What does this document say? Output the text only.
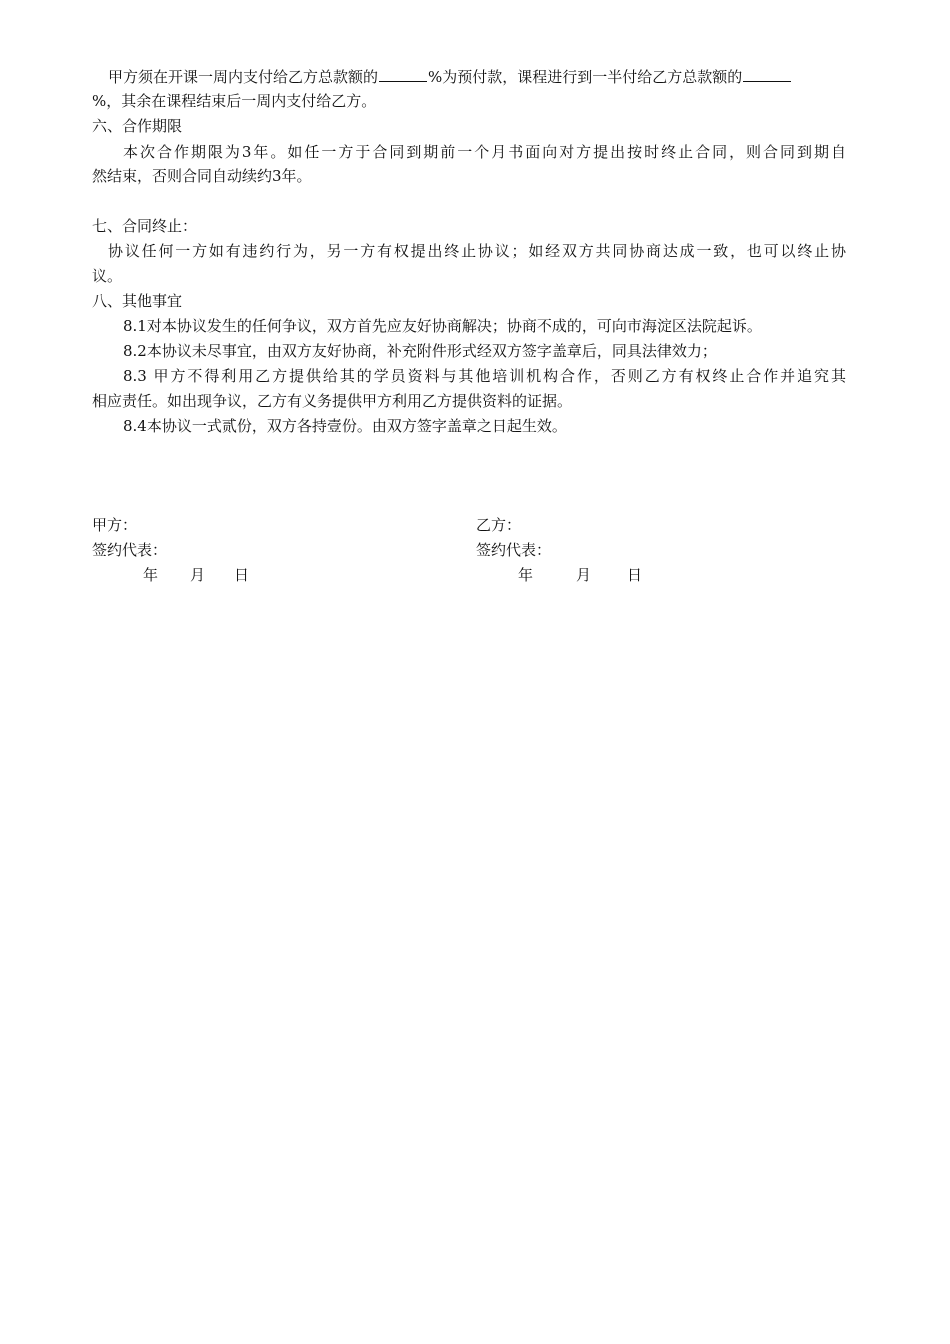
甲方须在开课一周内支付给乙方总款额的	%为预付款，课程进行到一半付给乙方总款额的
%，其余在课程结束后一周内支付给乙方。
六、合作期限
本次合作期限为3年。如任一方于合同到期前一个月书面向对方提出按时终止合同，则合同到期自
然结束，否则合同自动续约3年。
七、合同终止：
协议任何一方如有违约行为，另一方有权提出终止协议；如经双方共同协商达成一致，也可以终止协
议。
八、其他事宜
8.1对本协议发生的任何争议，双方首先应友好协商解决；协商不成的，可向市海淀区法院起诉。
8.2本协议未尽事宜，由双方友好协商，补充附件形式经双方签字盖章后，同具法律效力；
8.3 甲方不得利用乙方提供给其的学员资料与其他培训机构合作，否则乙方有权终止合作并追究其
相应责任。如出现争议，乙方有义务提供甲方利用乙方提供资料的证据。
8.4本协议一式贰份，双方各持壹份。由双方签字盖章之日起生效。
甲方：
签约代表：
年 月 日
乙方：
签约代表：
年	月 日
